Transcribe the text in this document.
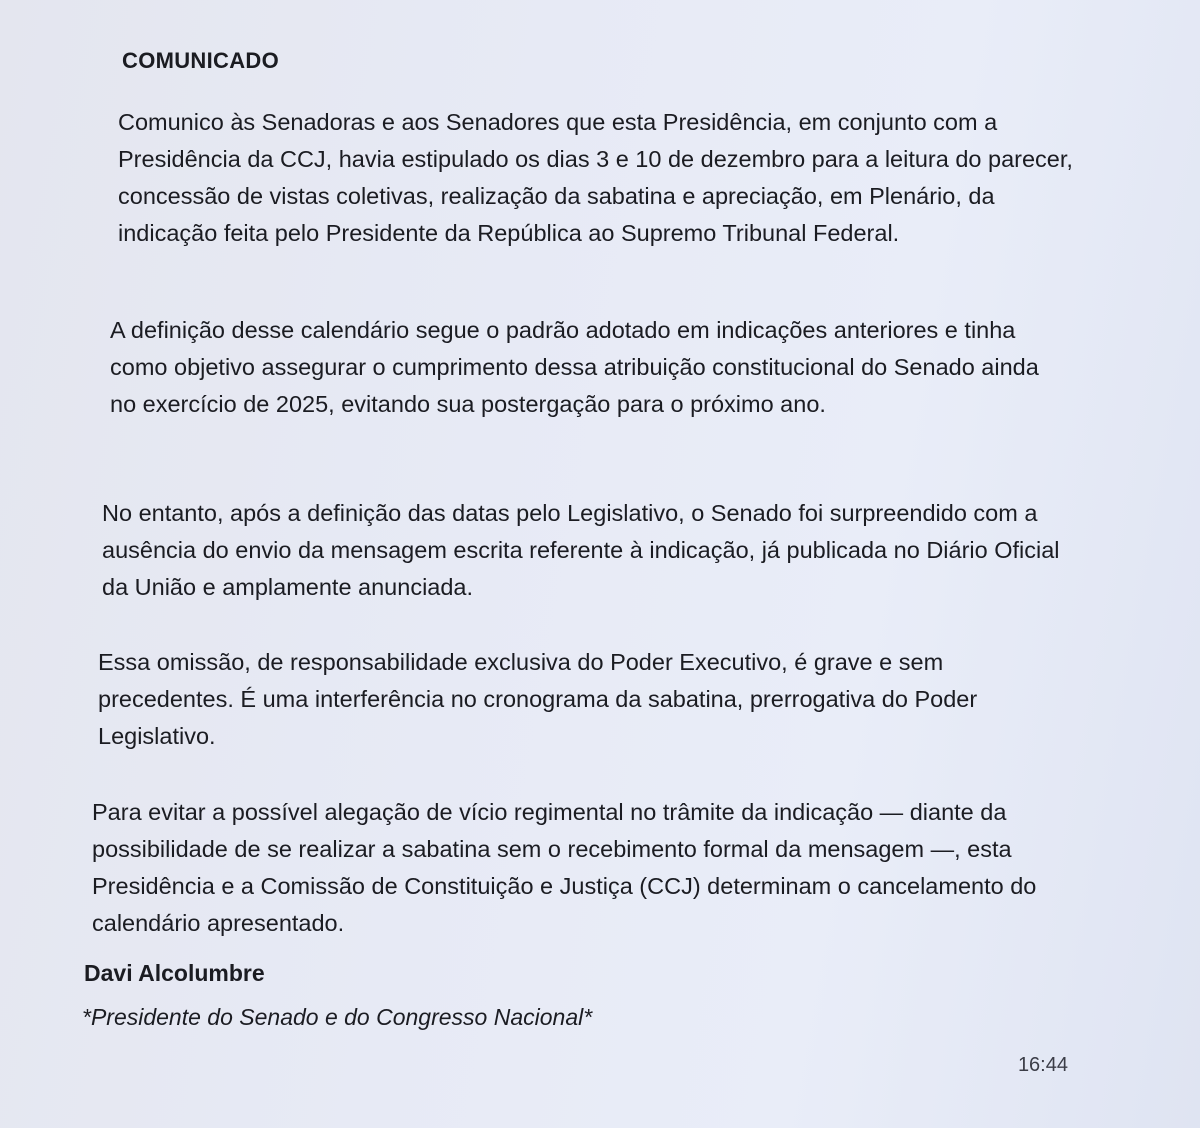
COMUNICADO

Comunico às Senadoras e aos Senadores que esta Presidência, em conjunto com a Presidência da CCJ, havia estipulado os dias 3 e 10 de dezembro para a leitura do parecer, concessão de vistas coletivas, realização da sabatina e apreciação, em Plenário, da indicação feita pelo Presidente da República ao Supremo Tribunal Federal.

A definição desse calendário segue o padrão adotado em indicações anteriores e tinha como objetivo assegurar o cumprimento dessa atribuição constitucional do Senado ainda no exercício de 2025, evitando sua postergação para o próximo ano.

No entanto, após a definição das datas pelo Legislativo, o Senado foi surpreendido com a ausência do envio da mensagem escrita referente à indicação, já publicada no Diário Oficial da União e amplamente anunciada.

Essa omissão, de responsabilidade exclusiva do Poder Executivo, é grave e sem precedentes. É uma interferência no cronograma da sabatina, prerrogativa do Poder Legislativo.

Para evitar a possível alegação de vício regimental no trâmite da indicação — diante da possibilidade de se realizar a sabatina sem o recebimento formal da mensagem —, esta Presidência e a Comissão de Constituição e Justiça (CCJ) determinam o cancelamento do calendário apresentado.

Davi Alcolumbre
*Presidente do Senado e do Congresso Nacional*
16:44
